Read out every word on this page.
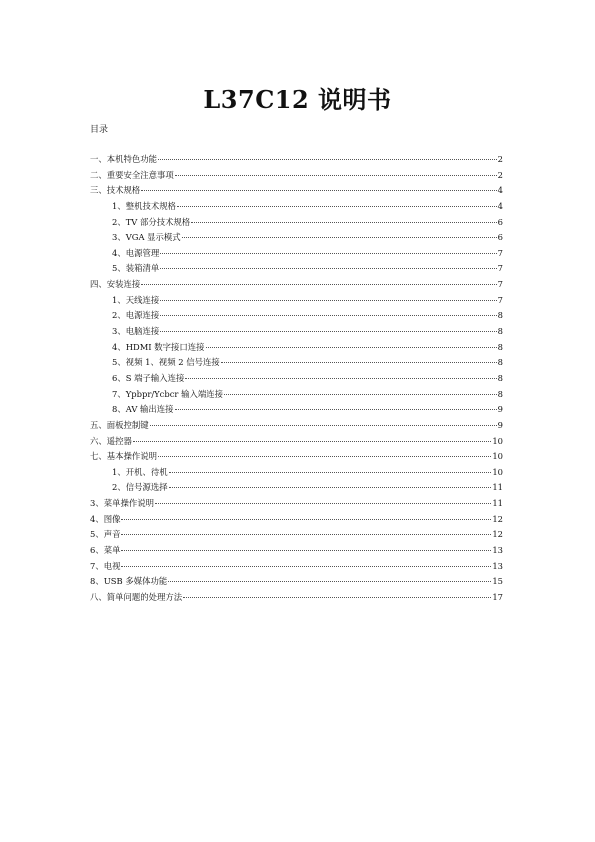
L37C12 说明书
目录
一、本机特色功能	2
二、重要安全注意事项	2
三、技术规格	4
1、整机技术规格	4
2、TV 部分技术规格	6
3、VGA 显示模式	6
4、电源管理	7
5、装箱清单	7
四、安装连接	7
1、天线连接	7
2、电源连接	8
3、电脑连接	8
4、HDMI 数字接口连接	8
5、视频 1、视频 2 信号连接	8
6、S 端子输入连接	8
7、Ypbpr/Ycbcr 输入端连接	8
8、AV 输出连接	9
五、面板控制键	9
六、遥控器	10
七、基本操作说明	10
1、开机、待机	10
2、信号源选择	11
3、菜单操作说明	11
4、图像	12
5、声音	12
6、菜单	13
7、电视	13
8、USB 多媒体功能	15
八、简单问题的处理方法	17
